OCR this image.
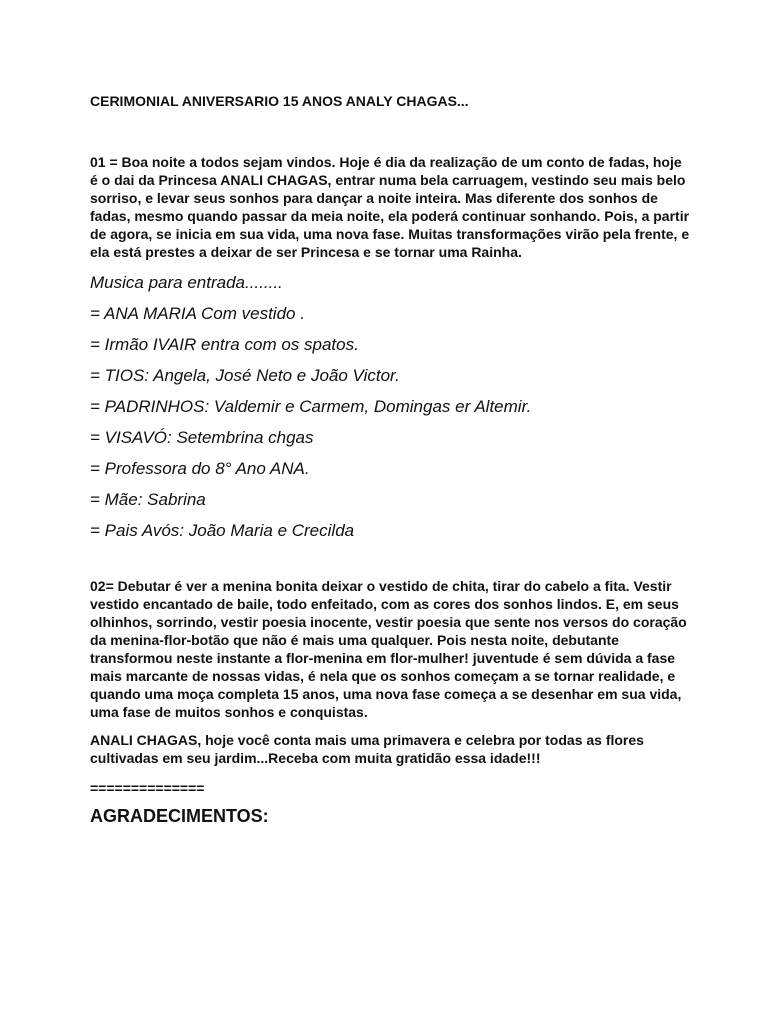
CERIMONIAL ANIVERSARIO 15 ANOS ANALY CHAGAS...

01 = Boa noite a todos sejam vindos. Hoje é dia da realização de um conto de fadas, hoje é o dai da Princesa ANALI CHAGAS, entrar numa bela carruagem, vestindo seu mais belo sorriso, e levar seus sonhos para dançar a noite inteira. Mas diferente dos sonhos de fadas, mesmo quando passar da meia noite, ela poderá continuar sonhando. Pois, a partir de agora, se inicia em sua vida, uma nova fase. Muitas transformações virão pela frente, e ela está prestes a deixar de ser Princesa e se tornar uma Rainha.

Musica para entrada........
= ANA MARIA Com vestido .
= Irmão IVAIR entra com os spatos.
= TIOS: Angela, José Neto e João Victor.
= PADRINHOS: Valdemir e Carmem, Domingas er Altemir.
= VISAVÓ: Setembrina chgas
= Professora do 8° Ano ANA.
= Mãe: Sabrina
= Pais Avós: João Maria e Crecilda

02= Debutar é ver a menina bonita deixar o vestido de chita, tirar do cabelo a fita. Vestir vestido encantado de baile, todo enfeitado, com as cores dos sonhos lindos. E, em seus olhinhos, sorrindo, vestir poesia inocente, vestir poesia que sente nos versos do coração da menina-flor-botão que não é mais uma qualquer. Pois nesta noite, debutante transformou neste instante a flor-menina em flor-mulher! juventude é sem dúvida a fase mais marcante de nossas vidas, é nela que os sonhos começam a se tornar realidade, e quando uma moça completa 15 anos, uma nova fase começa a se desenhar em sua vida, uma fase de muitos sonhos e conquistas.

ANALI CHAGAS, hoje você conta mais uma primavera e celebra por todas as flores cultivadas em seu jardim...Receba com muita gratidão essa idade!!!

==============
AGRADECIMENTOS:
